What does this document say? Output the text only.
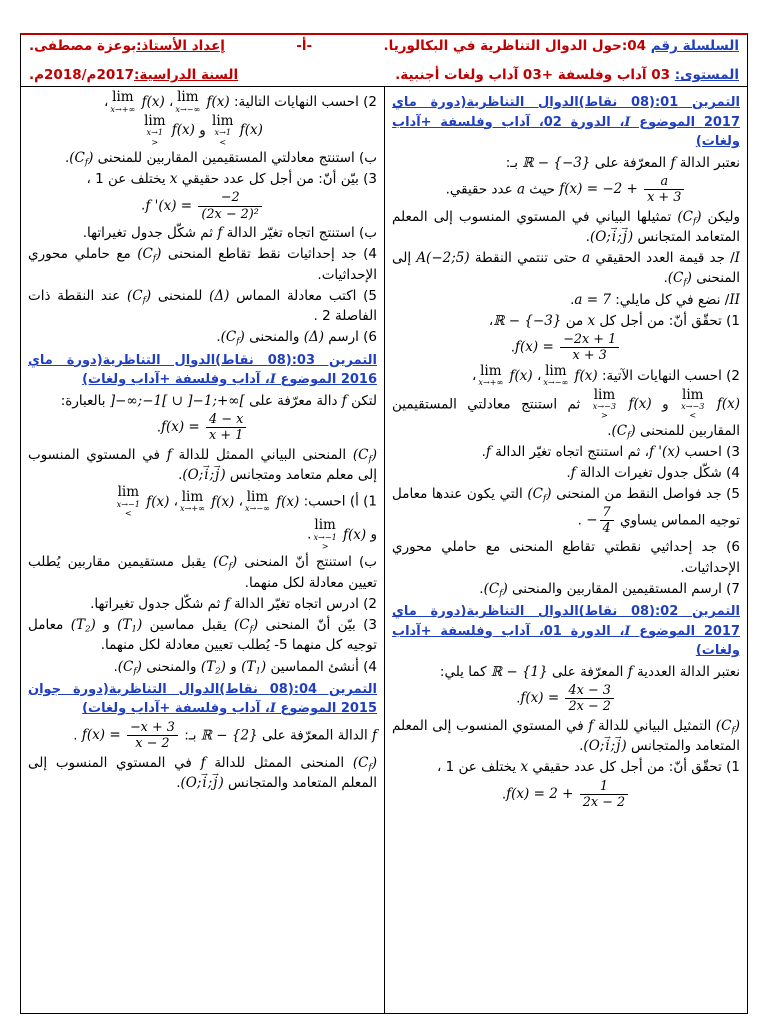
السلسلة رقم 04:حول الدوال التناظرية في البكالوريا.
-أ-
إعداد الأستاذ:بوعزة مصطفى.
المستوى: 03 آداب وفلسفة +03 آداب ولغات أجنبية.
السنة الدراسية:2017م/2018م.
التمرين 01:(08 نقاط)الدوال التناظرية(دورة ماي 2017 الموضوع I، الدورة 02، آداب وفلسفة +آداب ولغات)
نعتبر الدالة f المعرّفة على ℝ − {−3} بـ:
$f(x) = -2 + \frac{a}{x + 3}$
حيث a عدد حقيقي.
وليكن $(C_f)$ تمثيلها البياني في المستوي المنسوب إلى المعلم المتعامد المتجانس (O;i →;j →).
I/ جد قيمة العدد الحقيقي a حتى تنتمي النقطة A(−2;5) إلى المنحنى $(C_f)$.
II/ نضع في كل مايلي: a = 7.
1) تحقّق أنّ: من أجل كل x من ℝ − {−3}،
$f(x) = \frac{-2x + 1}{x + 3}$
.
2) احسب النهايات الآتية:
lim
x→−∞ f(x)،
lim
x→+∞ f(x)،
lim
x→−3
<
f(x) و
lim
x→−3
>
f(x) ثم استنتج معادلتي المستقيمين المقاربين للمنحنى $(C_f)$.
3) احسب f '(x)، ثم استنتج اتجاه تغيّر الدالة f.
4) شكّل جدول تغيرات الدالة f.
5) جد فواصل النقط من المنحنى $(C_f)$ التي يكون عندها معامل توجيه المماس يساوي − $\frac{7}{4}$
.
6) جد إحداثيي نقطتي تقاطع المنحنى مع حاملي محوري الإحداثيات.
7) ارسم المستقيمين المقاربين والمنحنى $(C_f)$.
التمرين 02:(08 نقاط)الدوال التناظرية(دورة ماي 2017 الموضوع I، الدورة 01، آداب وفلسفة +آداب ولغات)
نعتبر الدالة العددية f المعرّفة على ℝ − {1} كما يلي:
$f(x) = \frac{4x - 3}{2x - 2}$
.
$(C_f)$ التمثيل البياني للدالة f في المستوي المنسوب إلى المعلم المتعامد والمتجانس (O;i →;j →).
1) تحقّق أنّ: من أجل كل عدد حقيقي x يختلف عن 1 ،
$f(x) = 2 + \frac{1}{2x - 2}$
.
2) احسب النهايات التالية:
lim
x→−∞ f(x)،
lim
x→+∞ f(x)،
lim
x→1
<
f(x) و
lim
x→1
>
f(x)
ب) استنتج معادلتي المستقيمين المقاربين للمنحنى $(C_f)$.
3) بيّن أنّ: من أجل كل عدد حقيقي x يختلف عن 1 ،
f '$(x) = \frac{-2}{\text{(2x − 2)²}}$
.
ب) استنتج اتجاه تغيّر الدالة f ثم شكّل جدول تغيراتها.
4) جد إحداثيات نقط تقاطع المنحنى $(C_f)$ مع حاملي محوري الإحداثيات.
5) اكتب معادلة المماس (Δ) للمنحنى $(C_f)$ عند النقطة ذات الفاصلة 2 .
6) ارسم (Δ) والمنحنى $(C_f)$.
التمرين 03:(08 نقاط)الدوال التناظرية(دورة ماي 2016 الموضوع I، آداب وفلسفة +آداب ولغات)
لتكن f دالة معرّفة على ]−∞;−1[ ∪ ]−1;+∞[ بالعبارة:
$f(x) = \frac{4 - x}{x + 1}$
.
$(C_f)$ المنحنى البياني الممثل للدالة f في المستوي المنسوب إلى معلم متعامد ومتجانس (O;i →;j →).
1) أ) احسب:
lim
x→−∞ f(x)،
lim
x→+∞ f(x)،
lim
x→−1
<
f(x)
و
lim
x→−1
>
f(x).
ب) استنتج أنّ المنحنى $(C_f)$ يقبل مستقيمين مقاربين يُطلب تعيين معادلة لكل منهما.
2) ادرس اتجاه تغيّر الدالة f ثم شكّل جدول تغيراتها.
3) بيّن أنّ المنحنى $(C_f)$ يقبل مماسين $(T_1)$ و $(T_2)$ معامل توجيه كل منهما 5- يُطلب تعيين معادلة لكل منهما.
4) أنشئ المماسين $(T_1)$ و $(T_2)$ والمنحنى $(C_f)$.
التمرين 04:(08 نقاط)الدوال التناظرية(دورة جوان 2015 الموضوع I، آداب وفلسفة +آداب ولغات)
f الدالة المعرّفة على ℝ − {2} بـ: $f(x) = \frac{-x + 3}{x - 2}$
.
$(C_f)$ المنحنى الممثل للدالة f في المستوي المنسوب إلى المعلم المتعامد والمتجانس (O;i →;j →).
